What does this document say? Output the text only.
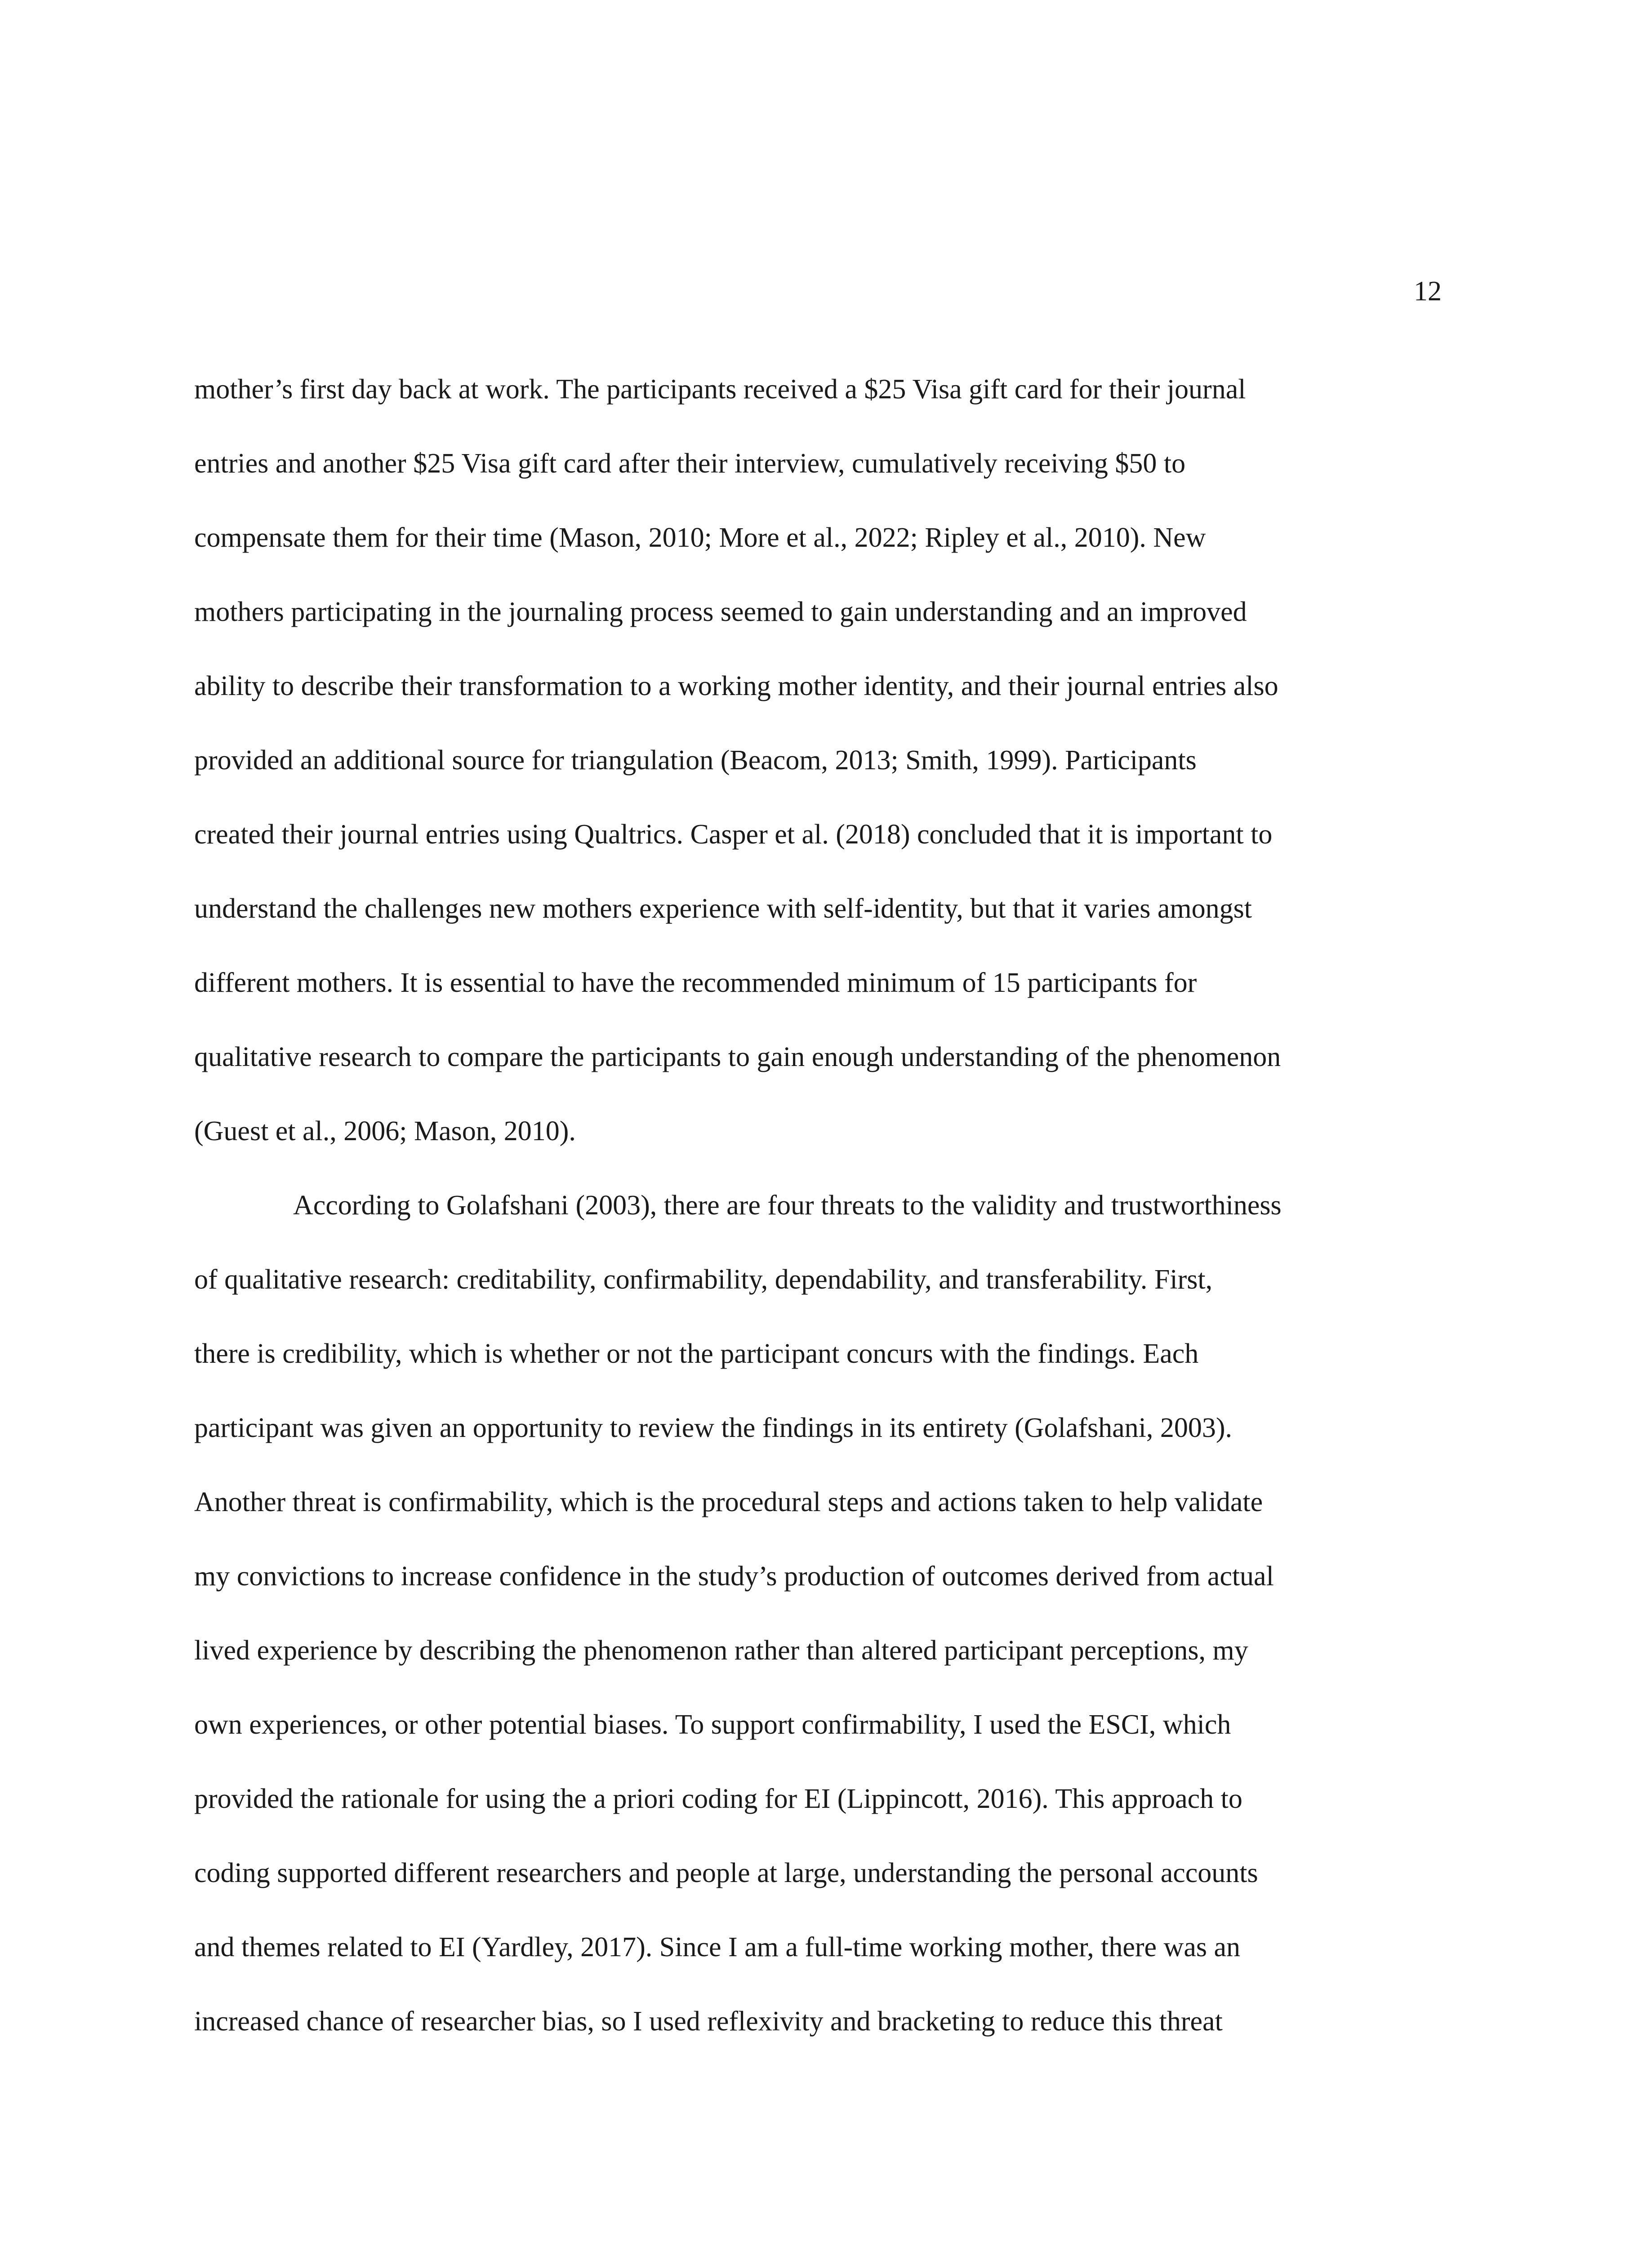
12
mother’s first day back at work. The participants received a $25 Visa gift card for their journal
entries and another $25 Visa gift card after their interview, cumulatively receiving $50 to
compensate them for their time (Mason, 2010; More et al., 2022; Ripley et al., 2010). New
mothers participating in the journaling process seemed to gain understanding and an improved
ability to describe their transformation to a working mother identity, and their journal entries also
provided an additional source for triangulation (Beacom, 2013; Smith, 1999). Participants
created their journal entries using Qualtrics. Casper et al. (2018) concluded that it is important to
understand the challenges new mothers experience with self-identity, but that it varies amongst
different mothers. It is essential to have the recommended minimum of 15 participants for
qualitative research to compare the participants to gain enough understanding of the phenomenon
(Guest et al., 2006; Mason, 2010).
According to Golafshani (2003), there are four threats to the validity and trustworthiness
of qualitative research: creditability, confirmability, dependability, and transferability. First,
there is credibility, which is whether or not the participant concurs with the findings. Each
participant was given an opportunity to review the findings in its entirety (Golafshani, 2003).
Another threat is confirmability, which is the procedural steps and actions taken to help validate
my convictions to increase confidence in the study’s production of outcomes derived from actual
lived experience by describing the phenomenon rather than altered participant perceptions, my
own experiences, or other potential biases. To support confirmability, I used the ESCI, which
provided the rationale for using the a priori coding for EI (Lippincott, 2016). This approach to
coding supported different researchers and people at large, understanding the personal accounts
and themes related to EI (Yardley, 2017). Since I am a full-time working mother, there was an
increased chance of researcher bias, so I used reflexivity and bracketing to reduce this threat
